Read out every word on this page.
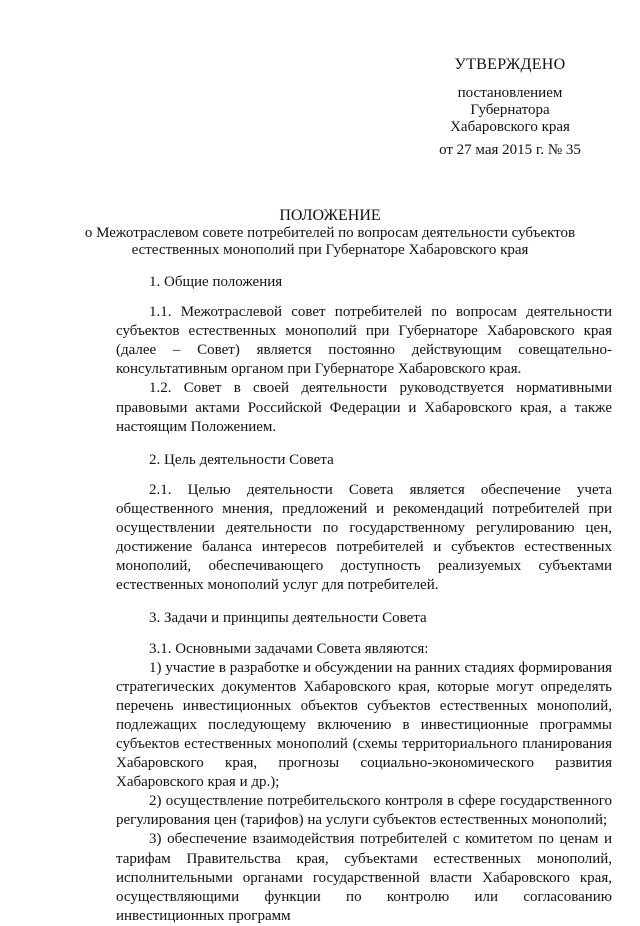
УТВЕРЖДЕНО
постановлением
Губернатора
Хабаровского края
от 27 мая 2015 г. № 35
ПОЛОЖЕНИЕ
о Межотраслевом совете потребителей по вопросам деятельности субъектов естественных монополий при Губернаторе Хабаровского края

1. Общие положения

1.1. Межотраслевой совет потребителей по вопросам деятельности субъектов естественных монополий при Губернаторе Хабаровского края (далее – Совет) является постоянно действующим совещательно-консультативным органом при Губернаторе Хабаровского края.

1.2. Совет в своей деятельности руководствуется нормативными правовыми актами Российской Федерации и Хабаровского края, а также настоящим Положением.

2. Цель деятельности Совета

2.1. Целью деятельности Совета является обеспечение учета общественного мнения, предложений и рекомендаций потребителей при осуществлении деятельности по государственному регулированию цен, достижение баланса интересов потребителей и субъектов естественных монополий, обеспечивающего доступность реализуемых субъектами естественных монополий услуг для потребителей.

3. Задачи и принципы деятельности Совета

3.1. Основными задачами Совета являются:

1) участие в разработке и обсуждении на ранних стадиях формирования стратегических документов Хабаровского края, которые могут определять перечень инвестиционных объектов субъектов естественных монополий, подлежащих последующему включению в инвестиционные программы субъектов естественных монополий (схемы территориального планирования Хабаровского края, прогнозы социально-экономического развития Хабаровского края и др.);

2) осуществление потребительского контроля в сфере государственного регулирования цен (тарифов) на услуги субъектов естественных монополий;

3) обеспечение взаимодействия потребителей с комитетом по ценам и тарифам Правительства края, субъектами естественных монополий, исполнительными органами государственной власти Хабаровского края, осуществляющими функции по контролю или согласованию инвестиционных программ
